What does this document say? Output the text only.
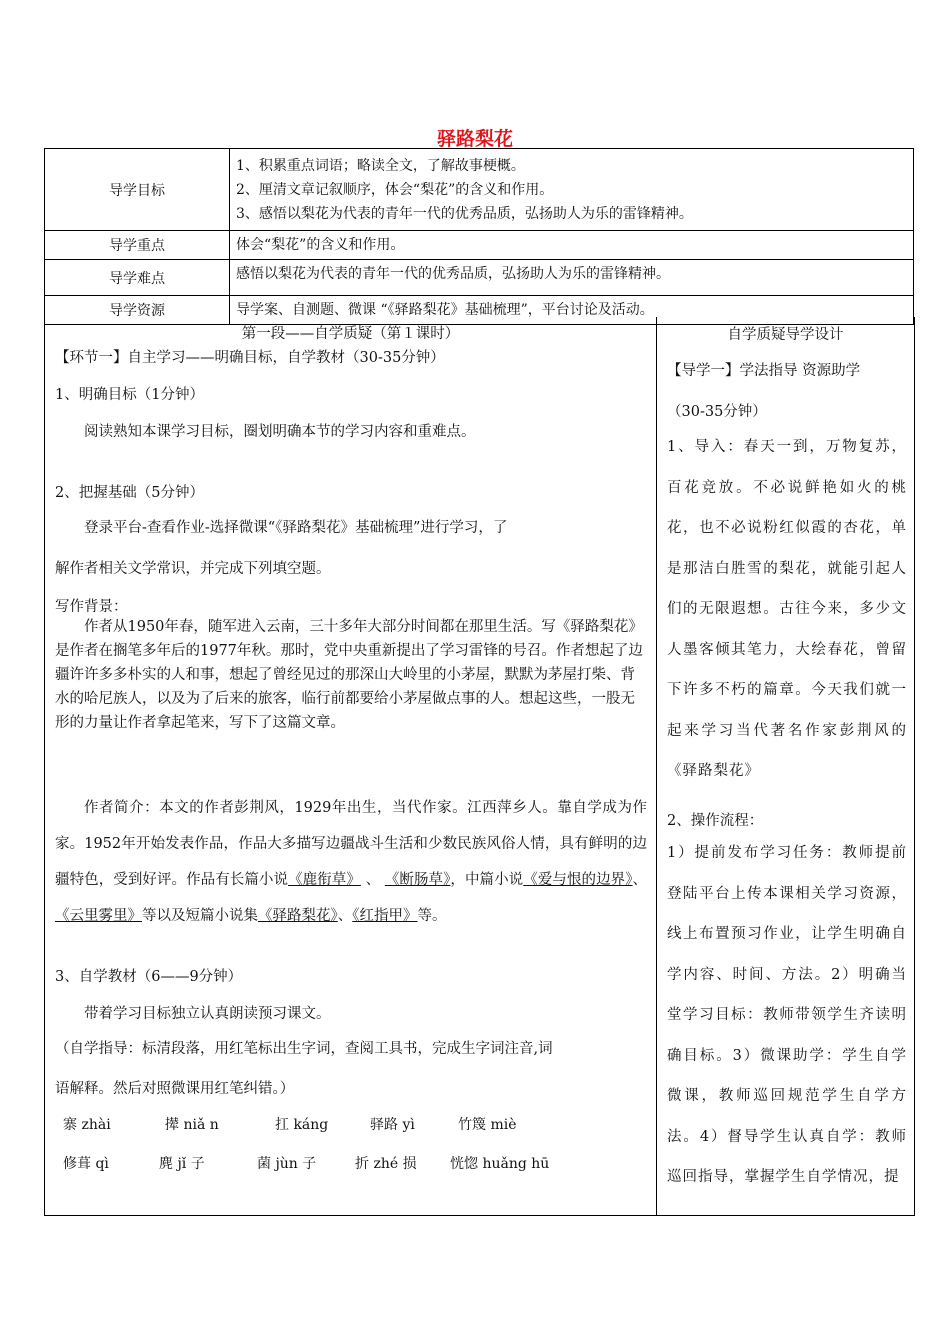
驿路梨花
导学目标	1、积累重点词语；略读全文，了解故事梗概。
2、厘清文章记叙顺序，体会“梨花”的含义和作用。
3、感悟以梨花为代表的青年一代的优秀品质，弘扬助人为乐的雷锋精神。

导学重点	体会“梨花”的含义和作用。
导学难点	感悟以梨花为代表的青年一代的优秀品质，弘扬助人为乐的雷锋精神。
导学资源	导学案、自测题、微课 “《驿路梨花》基础梳理”，平台讨论及活动。
第一段——自学质疑（第１课时）
【环节一】自主学习——明确目标，自学教材（30-35分钟）
1、明确目标（1分钟）
阅读熟知本课学习目标，圈划明确本节的学习内容和重难点。
2、把握基础（5分钟）
登录平台-查看作业-选择微课“《驿路梨花》基础梳理”进行学习，了
解作者相关文学常识，并完成下列填空题。
写作背景：
作者从1950年春，随军进入云南，三十多年大部分时间都在那里生活。写《驿路梨花》是作者在搁笔多年后的1977年秋。那时，党中央重新提出了学习雷锋的号召。作者想起了边疆许许多多朴实的人和事，想起了曾经见过的那深山大岭里的小茅屋，默默为茅屋打柴、背水的哈尼族人，以及为了后来的旅客，临行前都要给小茅屋做点事的人。想起这些，一股无形的力量让作者拿起笔来，写下了这篇文章。
作者简介：本文的作者彭荆风，1929年出生，当代作家。江西萍乡人。靠自学成为作家。1952年开始发表作品，作品大多描写边疆战斗生活和少数民族风俗人情，具有鲜明的边疆特色，受到好评。作品有长篇小说《鹿衔草》 、 《断肠草》，中篇小说《爱与恨的边界》、《云里雾里》等以及短篇小说集《驿路梨花》、《红指甲》等。
3、自学教材（6——9分钟）
带着学习目标独立认真朗读预习课文。
（自学指导：标清段落，用红笔标出生字词，查阅工具书，完成生字词注音,词
语解释。然后对照微课用红笔纠错。）
寨 zhài	撵 niǎ n	扛 káng	驿路 yì	竹篾 miè
修葺 qì	麂 jǐ 子	菌 jùn 子	折 zhé 损 恍惚 huǎng hū
自学质疑导学设计
【导学一】学法指导 资源助学
（30-35分钟）
1、导入：春天一到，万物复苏，百花竞放。不必说鲜艳如火的桃花，也不必说粉红似霞的杏花，单是那洁白胜雪的梨花，就能引起人们的无限遐想。古往今来，多少文人墨客倾其笔力，大绘春花，曾留下许多不朽的篇章。今天我们就一起来学习当代著名作家彭荆风的《驿路梨花》
2、操作流程：
1）提前发布学习任务：教师提前登陆平台上传本课相关学习资源，线上布置预习作业，让学生明确自学内容、时间、方法。2）明确当堂学习目标：教师带领学生齐读明确目标。3）微课助学：学生自学微课，教师巡回规范学生自学方法。4）督导学生认真自学：教师巡回指导，掌握学生自学情况，提
